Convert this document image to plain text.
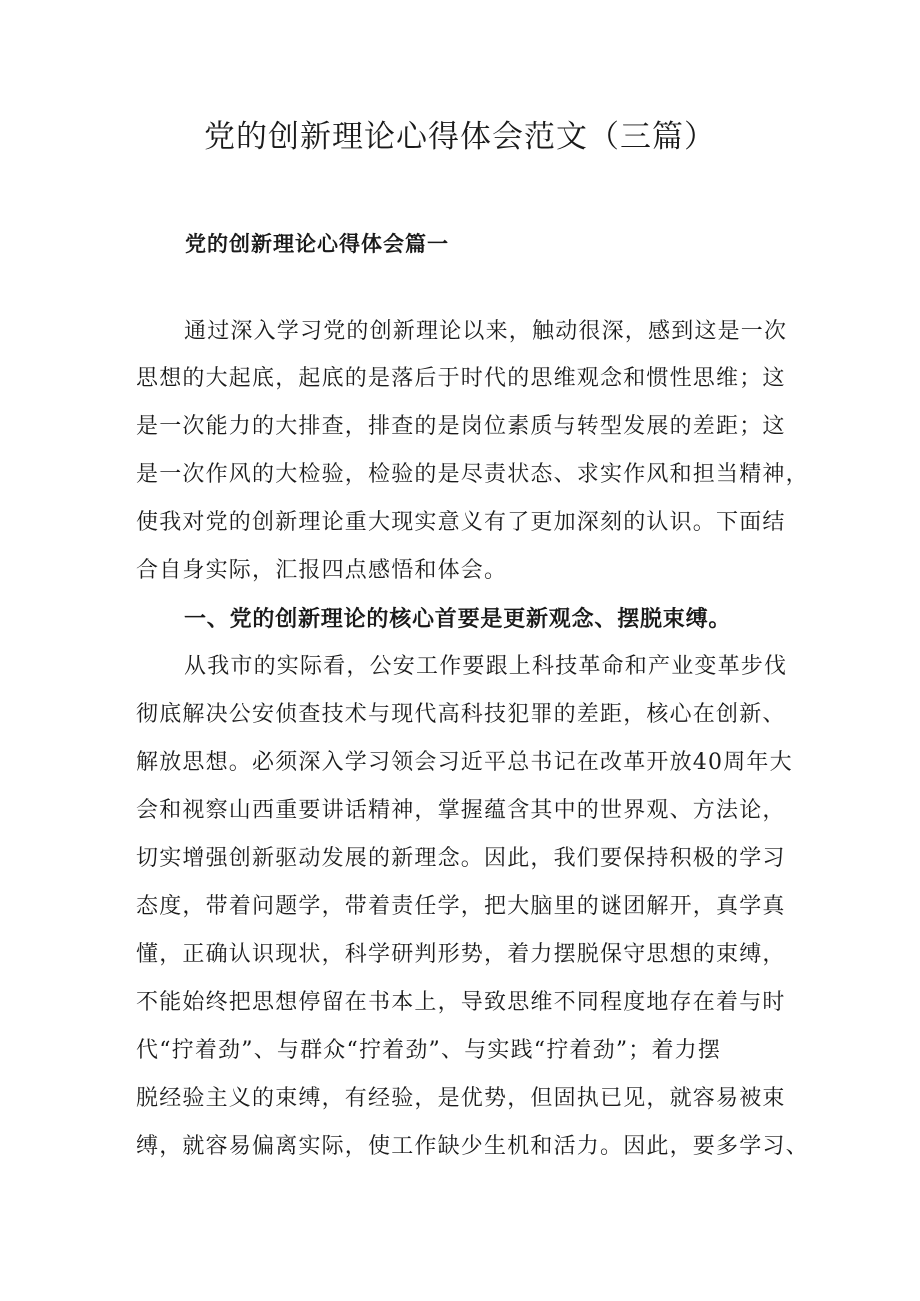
党的创新理论心得体会范文（三篇）
党的创新理论心得体会篇一

通过深入学习党的创新理论以来，触动很深，感到这是一次

思想的大起底，起底的是落后于时代的思维观念和惯性思维；这

是一次能力的大排查，排查的是岗位素质与转型发展的差距；这

是一次作风的大检验，检验的是尽责状态、求实作风和担当精神，

使我对党的创新理论重大现实意义有了更加深刻的认识。下面结

合自身实际，汇报四点感悟和体会。

一、党的创新理论的核心首要是更新观念、摆脱束缚。

从我市的实际看，公安工作要跟上科技革命和产业变革步伐

彻底解决公安侦查技术与现代高科技犯罪的差距，核心在创新、

解放思想。必须深入学习领会习近平总书记在改革开放40周年大

会和视察山西重要讲话精神，掌握蕴含其中的世界观、方法论，

切实增强创新驱动发展的新理念。因此，我们要保持积极的学习

态度，带着问题学，带着责任学，把大脑里的谜团解开，真学真

懂，正确认识现状，科学研判形势，着力摆脱保守思想的束缚，

不能始终把思想停留在书本上，导致思维不同程度地存在着与时

代“拧着劲”、与群众“拧着劲”、与实践“拧着劲”；着力摆

脱经验主义的束缚，有经验，是优势，但固执已见，就容易被束

缚，就容易偏离实际，使工作缺少生机和活力。因此，要多学习、
